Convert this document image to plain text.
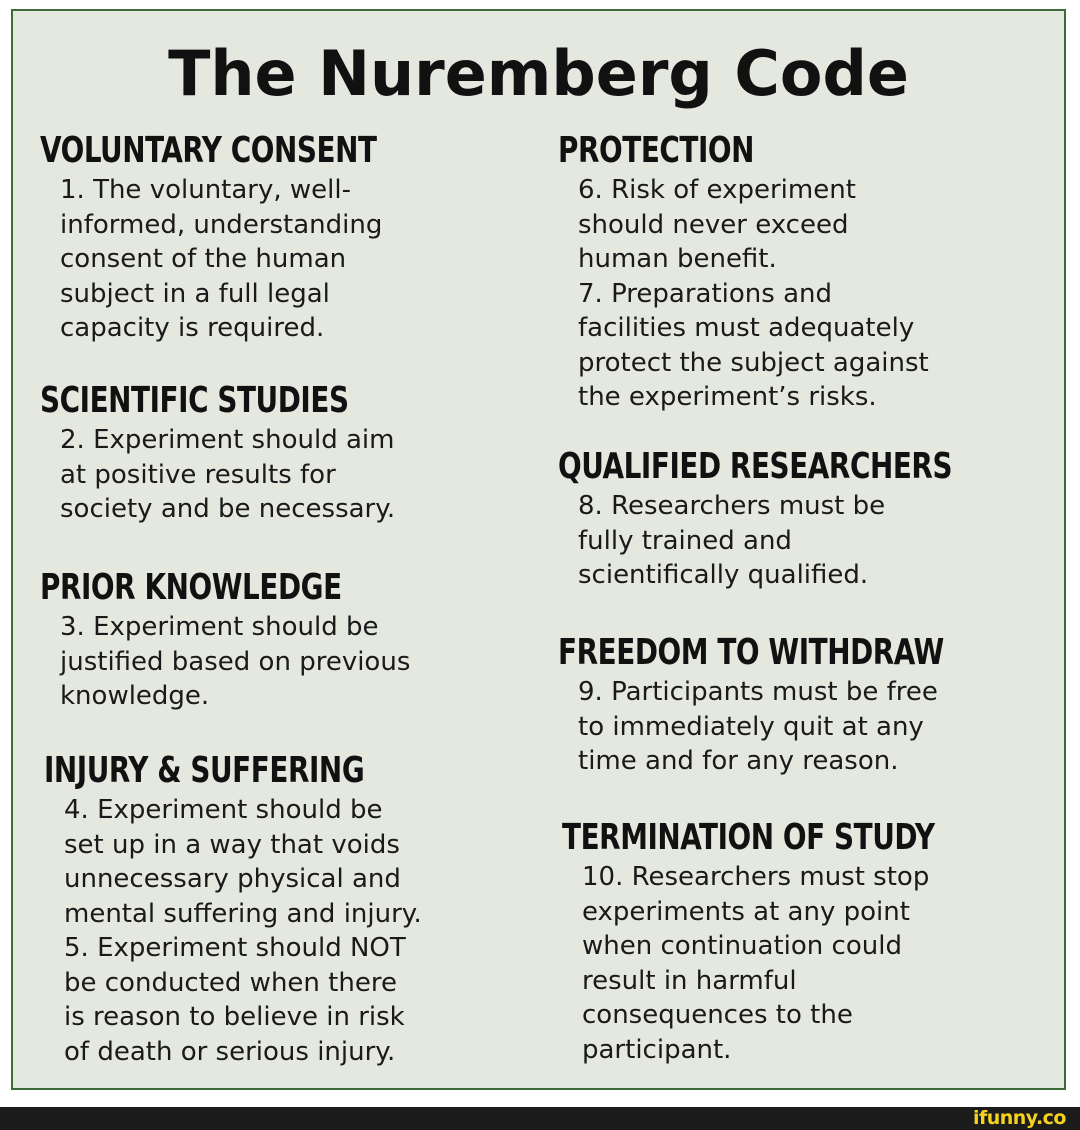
The Nuremberg Code
VOLUNTARY CONSENT
1. The voluntary, well-
informed, understanding
consent of the human
subject in a full legal
capacity is required.
SCIENTIFIC STUDIES
2. Experiment should aim
at positive results for
society and be necessary.
PRIOR KNOWLEDGE
3. Experiment should be
justified based on previous
knowledge.
INJURY & SUFFERING
4. Experiment should be
set up in a way that voids
unnecessary physical and
mental suffering and injury.
5. Experiment should NOT
be conducted when there
is reason to believe in risk
of death or serious injury.
PROTECTION
6. Risk of experiment
should never exceed
human benefit.
7. Preparations and
facilities must adequately
protect the subject against
the experiment’s risks.
QUALIFIED RESEARCHERS
8. Researchers must be
fully trained and
scientifically qualified.
FREEDOM TO WITHDRAW
9. Participants must be free
to immediately quit at any
time and for any reason.
TERMINATION OF STUDY
10. Researchers must stop
experiments at any point
when continuation could
result in harmful
consequences to the
participant.
ifunny.co
